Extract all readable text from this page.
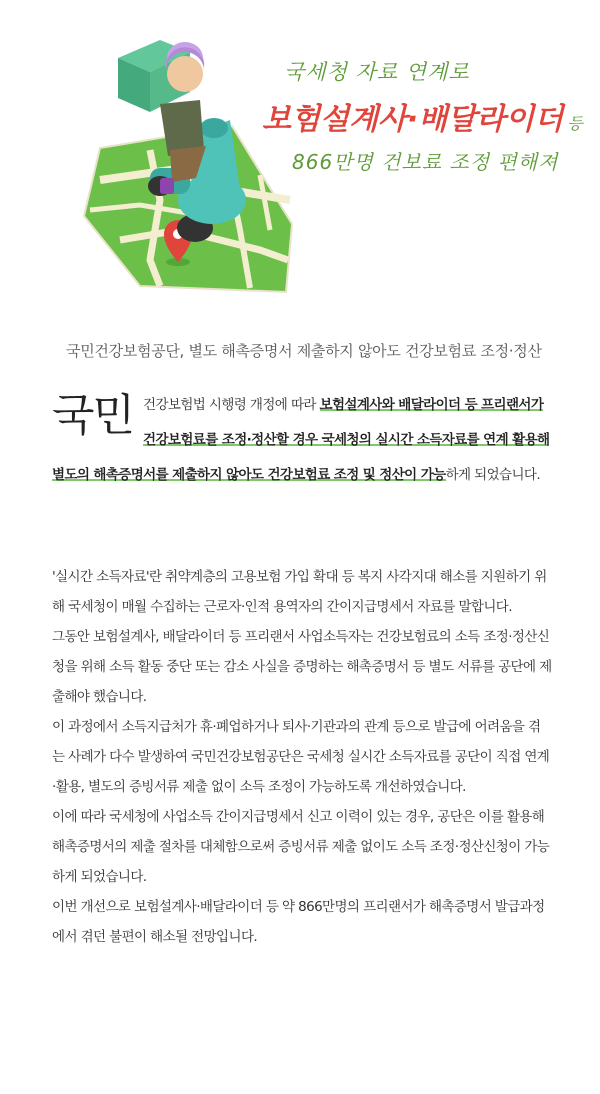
국세청 자료 연계로
보험설계사·배달라이더 등
866만명 건보료 조정 편해져
국민건강보험공단, 별도 해촉증명서 제출하지 않아도 건강보험료 조정·정산
국민 건강보험법 시행령 개정에 따라 보험설계사와 배달라이더 등 프리랜서가 건강보험료를 조정·정산할 경우 국세청의 실시간 소득자료를 연계 활용해 별도의 해촉증명서를 제출하지 않아도 건강보험료 조정 및 정산이 가능하게 되었습니다.

'실시간 소득자료'란 취약계층의 고용보험 가입 확대 등 복지 사각지대 해소를 지원하기 위해 국세청이 매월 수집하는 근로자·인적 용역자의 간이지급명세서 자료를 말합니다.

그동안 보험설계사, 배달라이더 등 프리랜서 사업소득자는 건강보험료의 소득 조정·정산신청을 위해 소득 활동 중단 또는 감소 사실을 증명하는 해촉증명서 등 별도 서류를 공단에 제출해야 했습니다.

이 과정에서 소득지급처가 휴·폐업하거나 퇴사·기관과의 관계 등으로 발급에 어려움을 겪는 사례가 다수 발생하여 국민건강보험공단은 국세청 실시간 소득자료를 공단이 직접 연계·활용, 별도의 증빙서류 제출 없이 소득 조정이 가능하도록 개선하였습니다.

이에 따라 국세청에 사업소득 간이지급명세서 신고 이력이 있는 경우, 공단은 이를 활용해 해촉증명서의 제출 절차를 대체함으로써 증빙서류 제출 없이도 소득 조정·정산신청이 가능하게 되었습니다.

이번 개선으로 보험설계사·배달라이더 등 약 866만명의 프리랜서가 해촉증명서 발급과정에서 겪던 불편이 해소될 전망입니다.
